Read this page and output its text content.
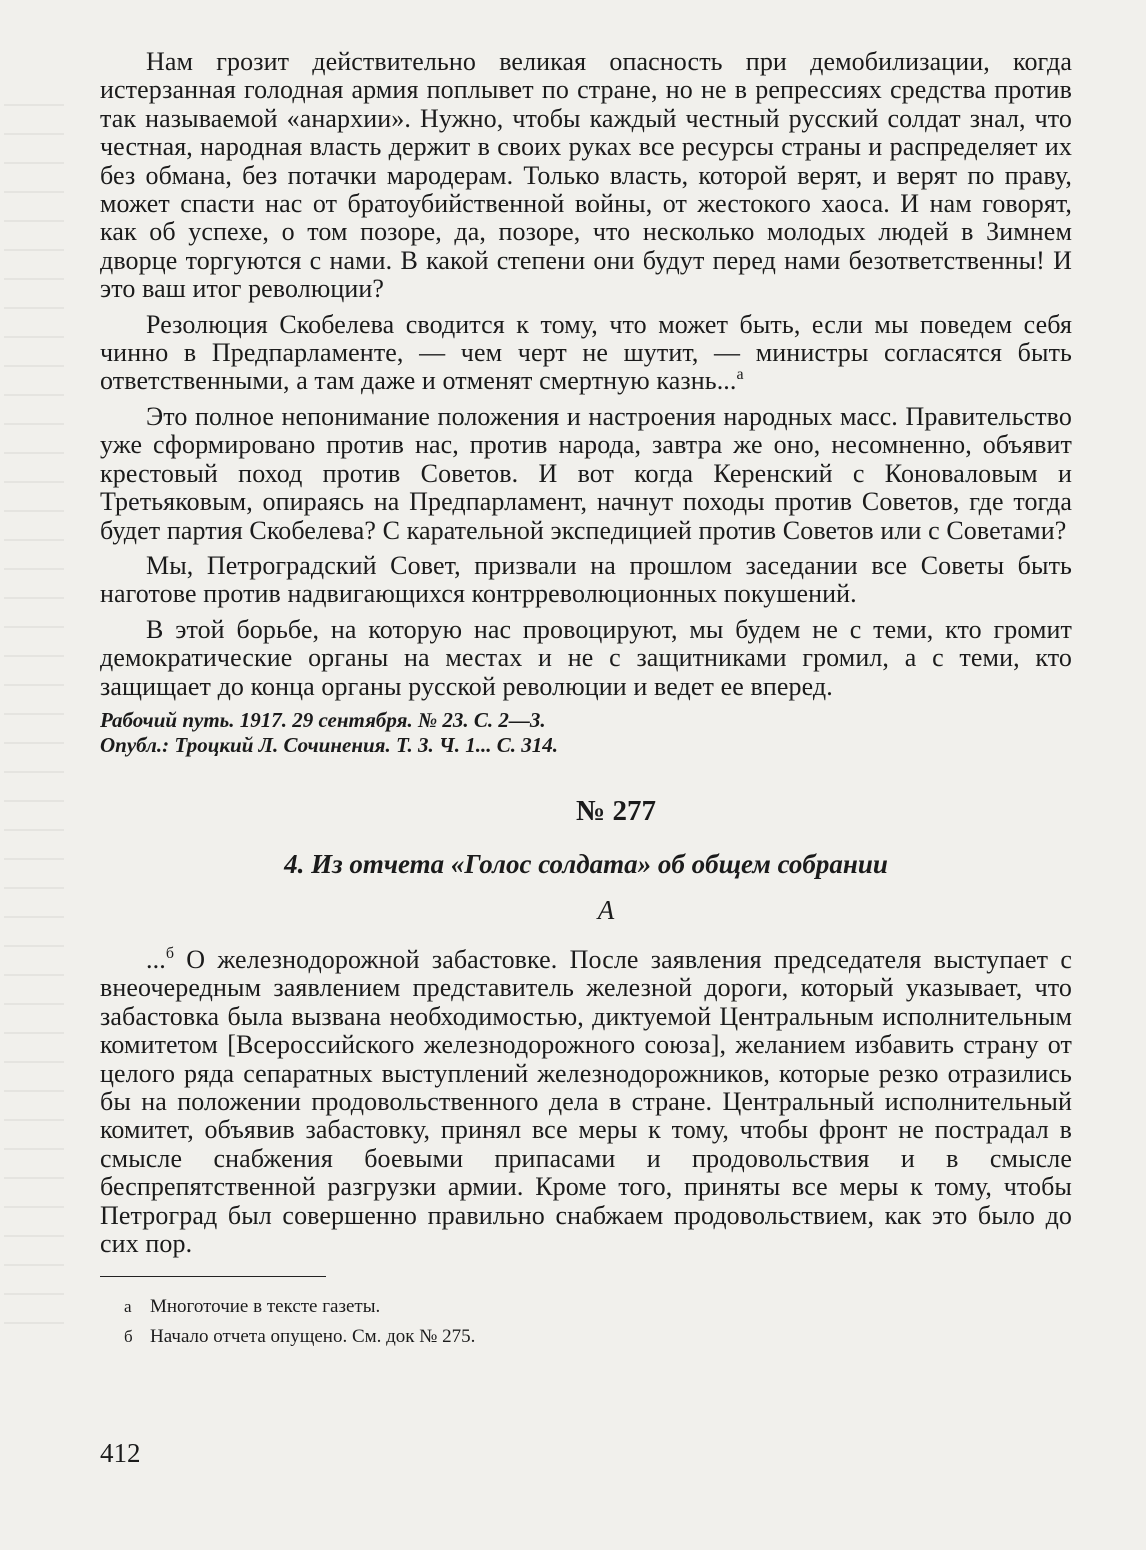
Нам грозит действительно великая опасность при демобилизации, когда истерзанная голодная армия поплывет по стране, но не в репрессиях средства против так называемой «анархии». Нужно, чтобы каждый честный русский солдат знал, что честная, народная власть держит в своих руках все ресурсы страны и распределяет их без обмана, без потачки мародерам. Только власть, которой верят, и верят по праву, может спасти нас от братоубийственной войны, от жестокого хаоса. И нам говорят, как об успехе, о том позоре, да, позоре, что несколько молодых людей в Зимнем дворце торгуются с нами. В какой степени они будут перед нами безответственны! И это ваш итог революции?

Резолюция Скобелева сводится к тому, что может быть, если мы поведем себя чинно в Предпарламенте, — чем черт не шутит, — министры согласятся быть ответственными, а там даже и отменят смертную казнь...$^а$

Это полное непонимание положения и настроения народных масс. Правительство уже сформировано против нас, против народа, завтра же оно, несомненно, объявит крестовый поход против Советов. И вот когда Керенский с Коноваловым и Третьяковым, опираясь на Предпарламент, начнут походы против Советов, где тогда будет партия Скобелева? С карательной экспедицией против Советов или с Советами?

Мы, Петроградский Совет, призвали на прошлом заседании все Советы быть наготове против надвигающихся контрреволюционных покушений.

В этой борьбе, на которую нас провоцируют, мы будем не с теми, кто громит демократические органы на местах и не с защитниками громил, а с теми, кто защищает до конца органы русской революции и ведет ее вперед.

Рабочий путь. 1917. 29 сентября. № 23. С. 2—3.
Опубл.: Троцкий Л. Сочинения. Т. 3. Ч. 1... С. 314.
№ 277
4. Из отчета «Голос солдата» об общем собрании
А

...$^б$ О железнодорожной забастовке. После заявления председателя выступает с внеочередным заявлением представитель железной дороги, который указывает, что забастовка была вызвана необходимостью, диктуемой Центральным исполнительным комитетом [Всероссийского железнодорожного союза], желанием избавить страну от целого ряда сепаратных выступлений железнодорожников, которые резко отразились бы на положении продовольственного дела в стране. Центральный исполнительный комитет, объявив забастовку, принял все меры к тому, чтобы фронт не пострадал в смысле снабжения боевыми припасами и продовольствия и в смысле беспрепятственной разгрузки армии. Кроме того, приняты все меры к тому, чтобы Петроград был совершенно правильно снабжаем продовольствием, как это было до сих пор.

а Многоточие в тексте газеты.
б Начало отчета опущено. См. док № 275.
412
